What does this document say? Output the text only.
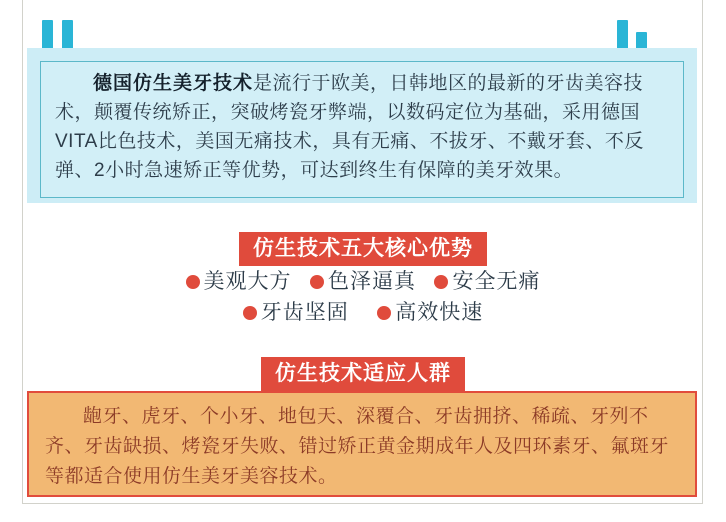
德国仿生美牙技术是流行于欧美，日韩地区的最新的牙齿美容技术，颠覆传统矫正，突破烤瓷牙弊端，以数码定位为基础，采用德国VITA比色技术，美国无痛技术，具有无痛、不拔牙、不戴牙套、不反弹、2小时急速矫正等优势，可达到终生有保障的美牙效果。

仿生技术五大核心优势
美观大方 色泽逼真 安全无痛
牙齿坚固 高效快速
仿生技术适应人群

龅牙、虎牙、个小牙、地包天、深覆合、牙齿拥挤、稀疏、牙列不齐、牙齿缺损、烤瓷牙失败、错过矫正黄金期成年人及四环素牙、氟斑牙等都适合使用仿生美牙美容技术。
